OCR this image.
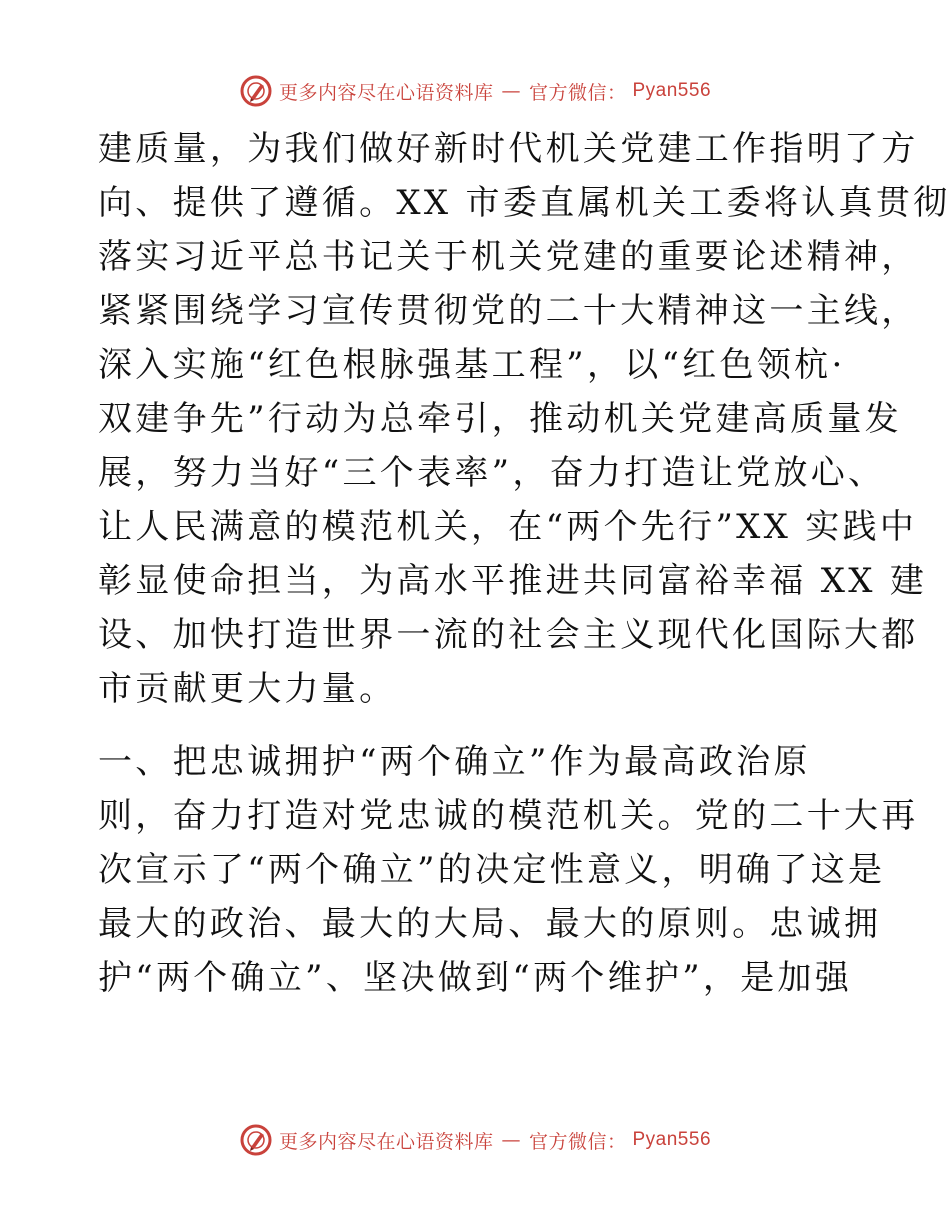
更多内容尽在心语资料库 — 官方微信： Pyan556
建质量，为我们做好新时代机关党建工作指明了方
向、提供了遵循。XX 市委直属机关工委将认真贯彻
落实习近平总书记关于机关党建的重要论述精神，
紧紧围绕学习宣传贯彻党的二十大精神这一主线，
深入实施“红色根脉强基工程”，以“红色领杭·
双建争先”行动为总牵引，推动机关党建高质量发
展，努力当好“三个表率”，奋力打造让党放心、
让人民满意的模范机关，在“两个先行”XX 实践中
彰显使命担当，为高水平推进共同富裕幸福 XX 建
设、加快打造世界一流的社会主义现代化国际大都
市贡献更大力量。
一、把忠诚拥护“两个确立”作为最高政治原
则，奋力打造对党忠诚的模范机关。党的二十大再
次宣示了“两个确立”的决定性意义，明确了这是
最大的政治、最大的大局、最大的原则。忠诚拥
护“两个确立”、坚决做到“两个维护”，是加强
更多内容尽在心语资料库 — 官方微信： Pyan556
